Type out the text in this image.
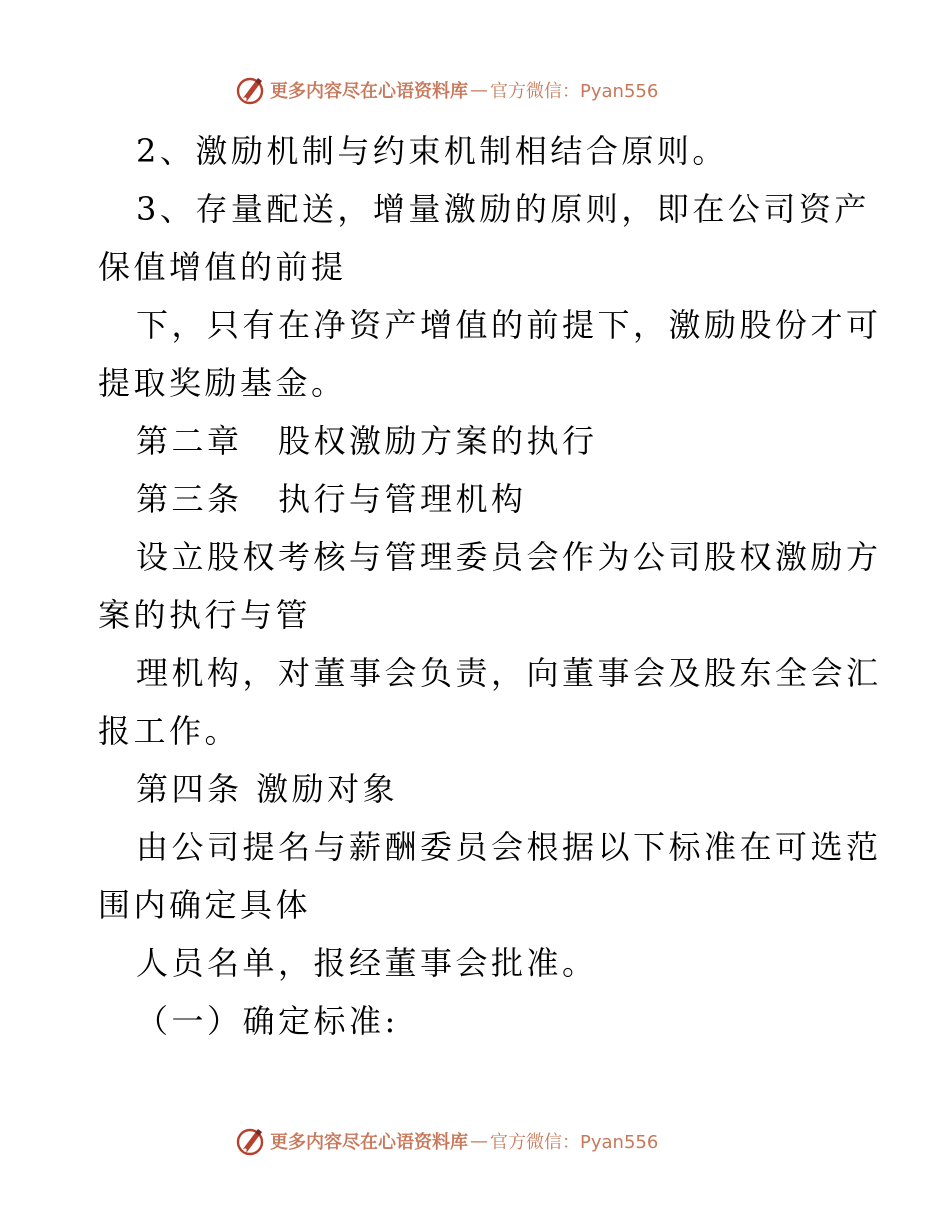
更多内容尽在心语资料库 — 官方微信：Pyan556
2、激励机制与约束机制相结合原则。
3、存量配送，增量激励的原则，即在公司资产
保值增值的前提
下，只有在净资产增值的前提下，激励股份才可
提取奖励基金。
第二章　股权激励方案的执行
第三条　执行与管理机构
设立股权考核与管理委员会作为公司股权激励方
案的执行与管
理机构，对董事会负责，向董事会及股东全会汇
报工作。
第四条 激励对象
由公司提名与薪酬委员会根据以下标准在可选范
围内确定具体
人员名单，报经董事会批准。
（一）确定标准:
更多内容尽在心语资料库 — 官方微信：Pyan556
